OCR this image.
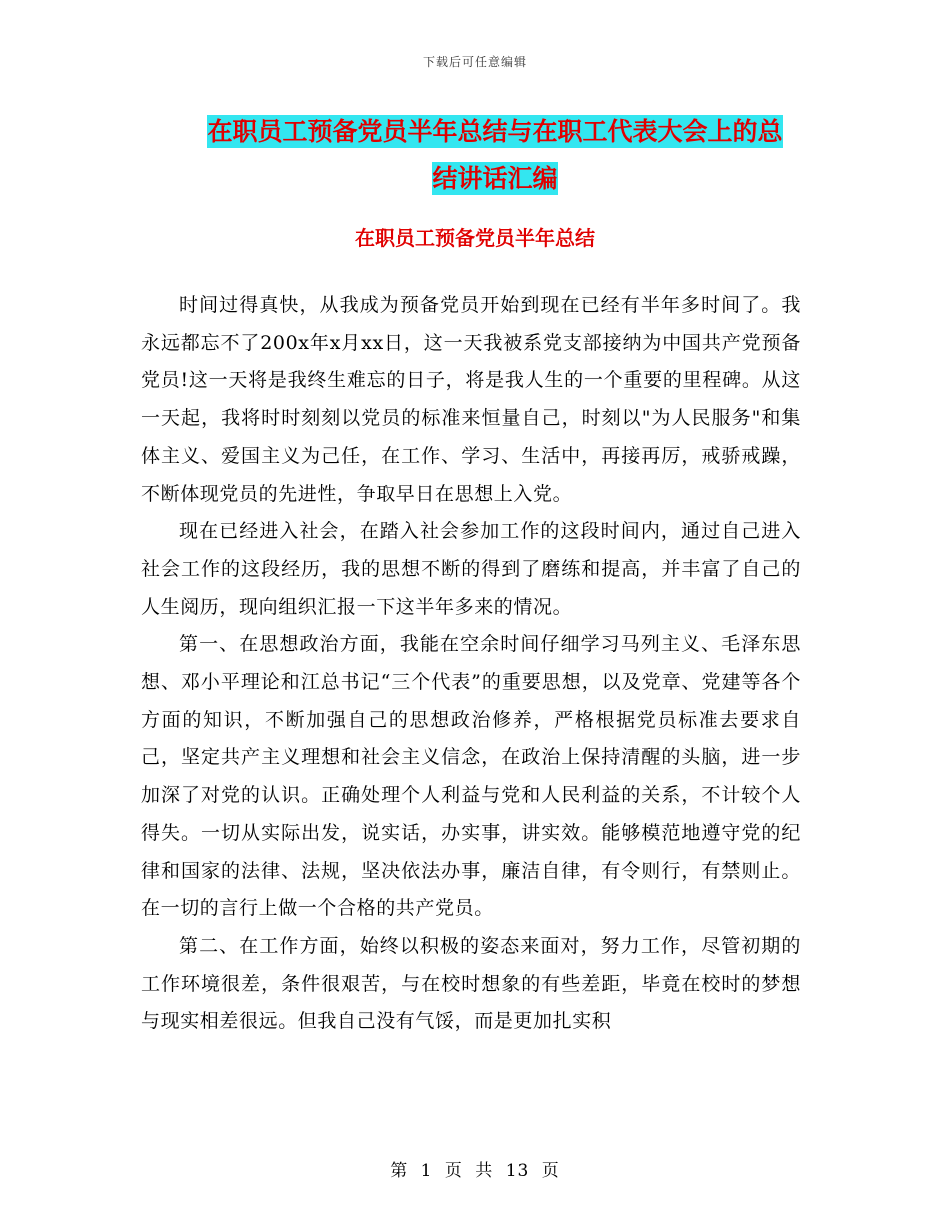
下载后可任意编辑
在职员工预备党员半年总结与在职工代表大会上的总
结讲话汇编
在职员工预备党员半年总结

时间过得真快，从我成为预备党员开始到现在已经有半年多时间了。我永远都忘不了200x年x月xx日，这一天我被系党支部接纳为中国共产党预备党员!这一天将是我终生难忘的日子，将是我人生的一个重要的里程碑。从这一天起，我将时时刻刻以党员的标准来恒量自己，时刻以"为人民服务"和集体主义、爱国主义为己任，在工作、学习、生活中，再接再厉，戒骄戒躁，不断体现党员的先进性，争取早日在思想上入党。

现在已经进入社会，在踏入社会参加工作的这段时间内，通过自己进入社会工作的这段经历，我的思想不断的得到了磨练和提高，并丰富了自己的人生阅历，现向组织汇报一下这半年多来的情况。

第一、在思想政治方面，我能在空余时间仔细学习马列主义、毛泽东思想、邓小平理论和江总书记“三个代表”的重要思想，以及党章、党建等各个方面的知识，不断加强自己的思想政治修养，严格根据党员标准去要求自己，坚定共产主义理想和社会主义信念，在政治上保持清醒的头脑，进一步加深了对党的认识。正确处理个人利益与党和人民利益的关系，不计较个人得失。一切从实际出发，说实话，办实事，讲实效。能够模范地遵守党的纪律和国家的法律、法规，坚决依法办事，廉洁自律，有令则行，有禁则止。在一切的言行上做一个合格的共产党员。

第二、在工作方面，始终以积极的姿态来面对，努力工作，尽管初期的工作环境很差，条件很艰苦，与在校时想象的有些差距，毕竟在校时的梦想与现实相差很远。但我自己没有气馁，而是更加扎实积

第 1 页 共 13 页
